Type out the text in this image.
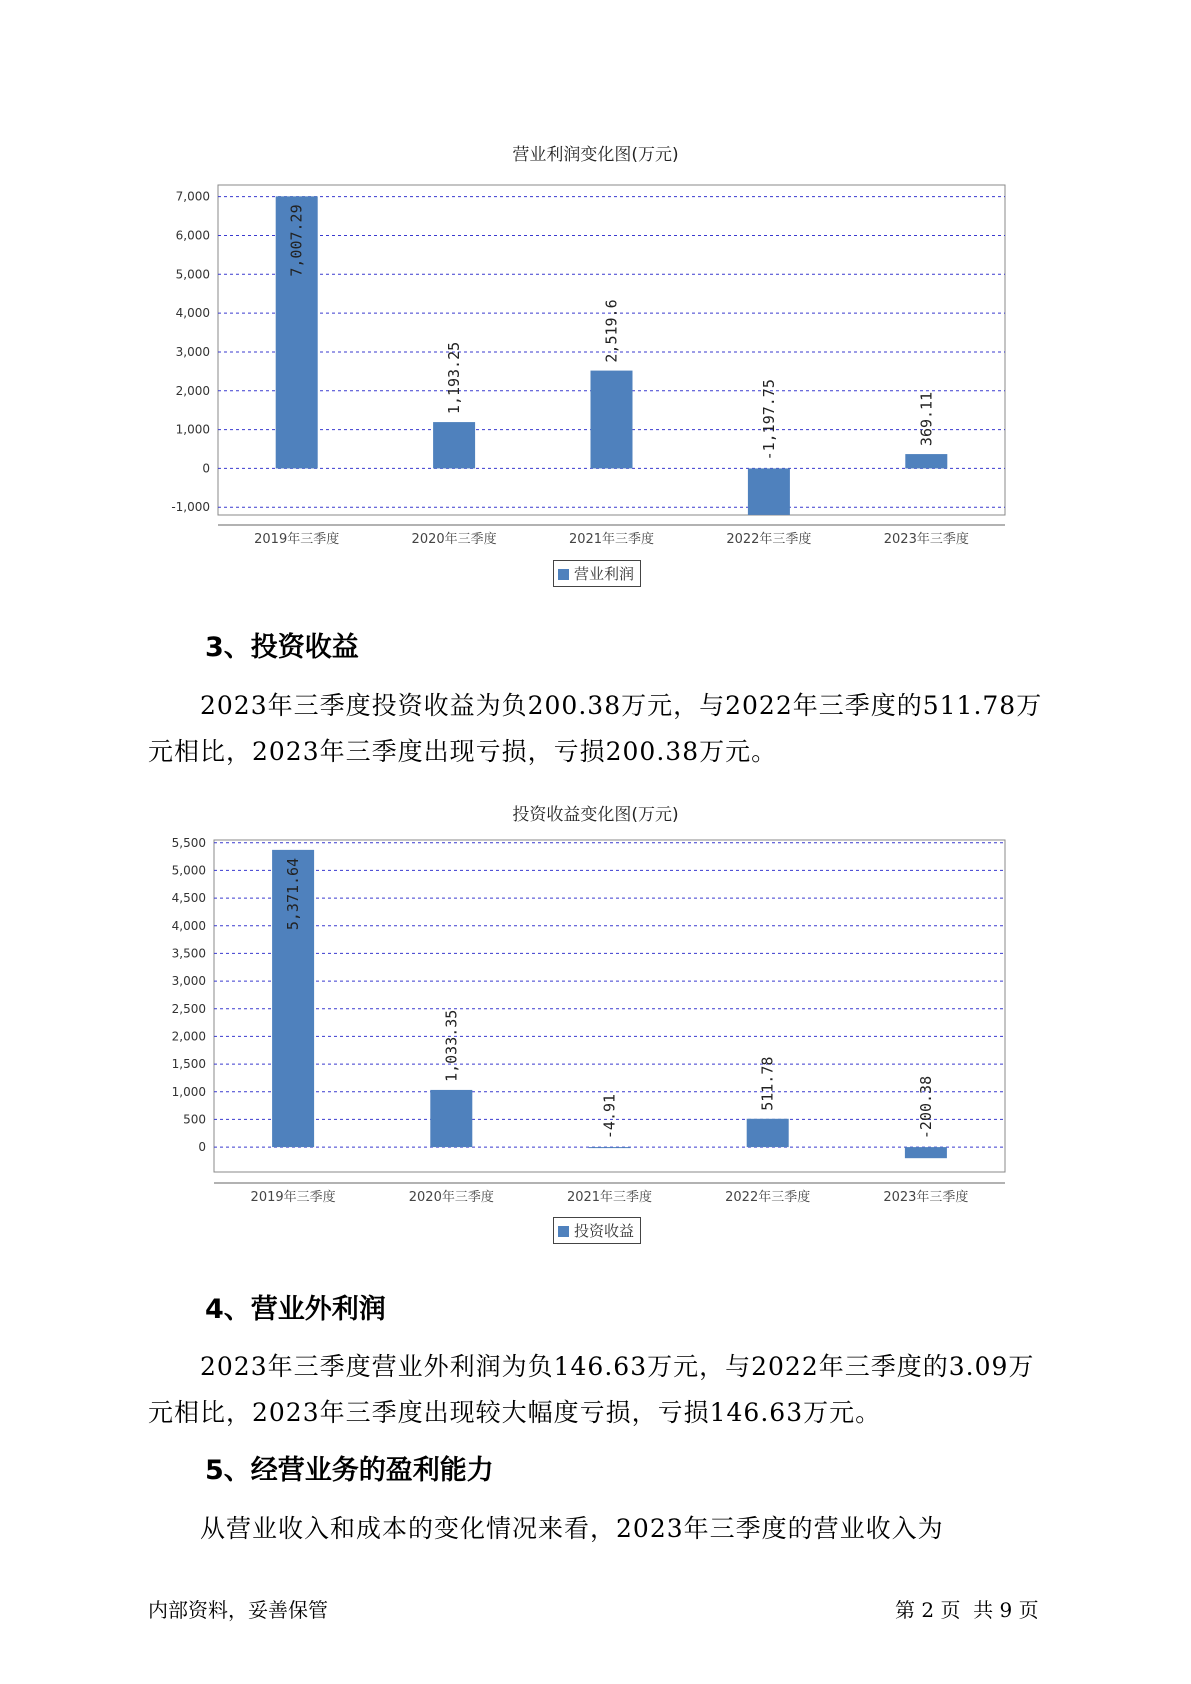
营业利润变化图(万元)
-1,000
0
1,000
2,000
3,000
4,000
5,000
6,000
7,000
7,007.29
2019年三季度
1,193.25
2020年三季度
2,519.6
2021年三季度
-1,197.75
2022年三季度
369.11
2023年三季度
营业利润
3、投资收益
2023年三季度投资收益为负200.38万元，与2022年三季度的511.78万元相比，2023年三季度出现亏损，亏损200.38万元。
投资收益变化图(万元)
0
500
1,000
1,500
2,000
2,500
3,000
3,500
4,000
4,500
5,000
5,500
5,371.64
2019年三季度
1,033.35
2020年三季度
-4.91
2021年三季度
511.78
2022年三季度
-200.38
2023年三季度
投资收益
4、营业外利润
2023年三季度营业外利润为负146.63万元，与2022年三季度的3.09万元相比，2023年三季度出现较大幅度亏损，亏损146.63万元。
5、经营业务的盈利能力
从营业收入和成本的变化情况来看，2023年三季度的营业收入为
内部资料，妥善保管	第 2 页  共 9 页
